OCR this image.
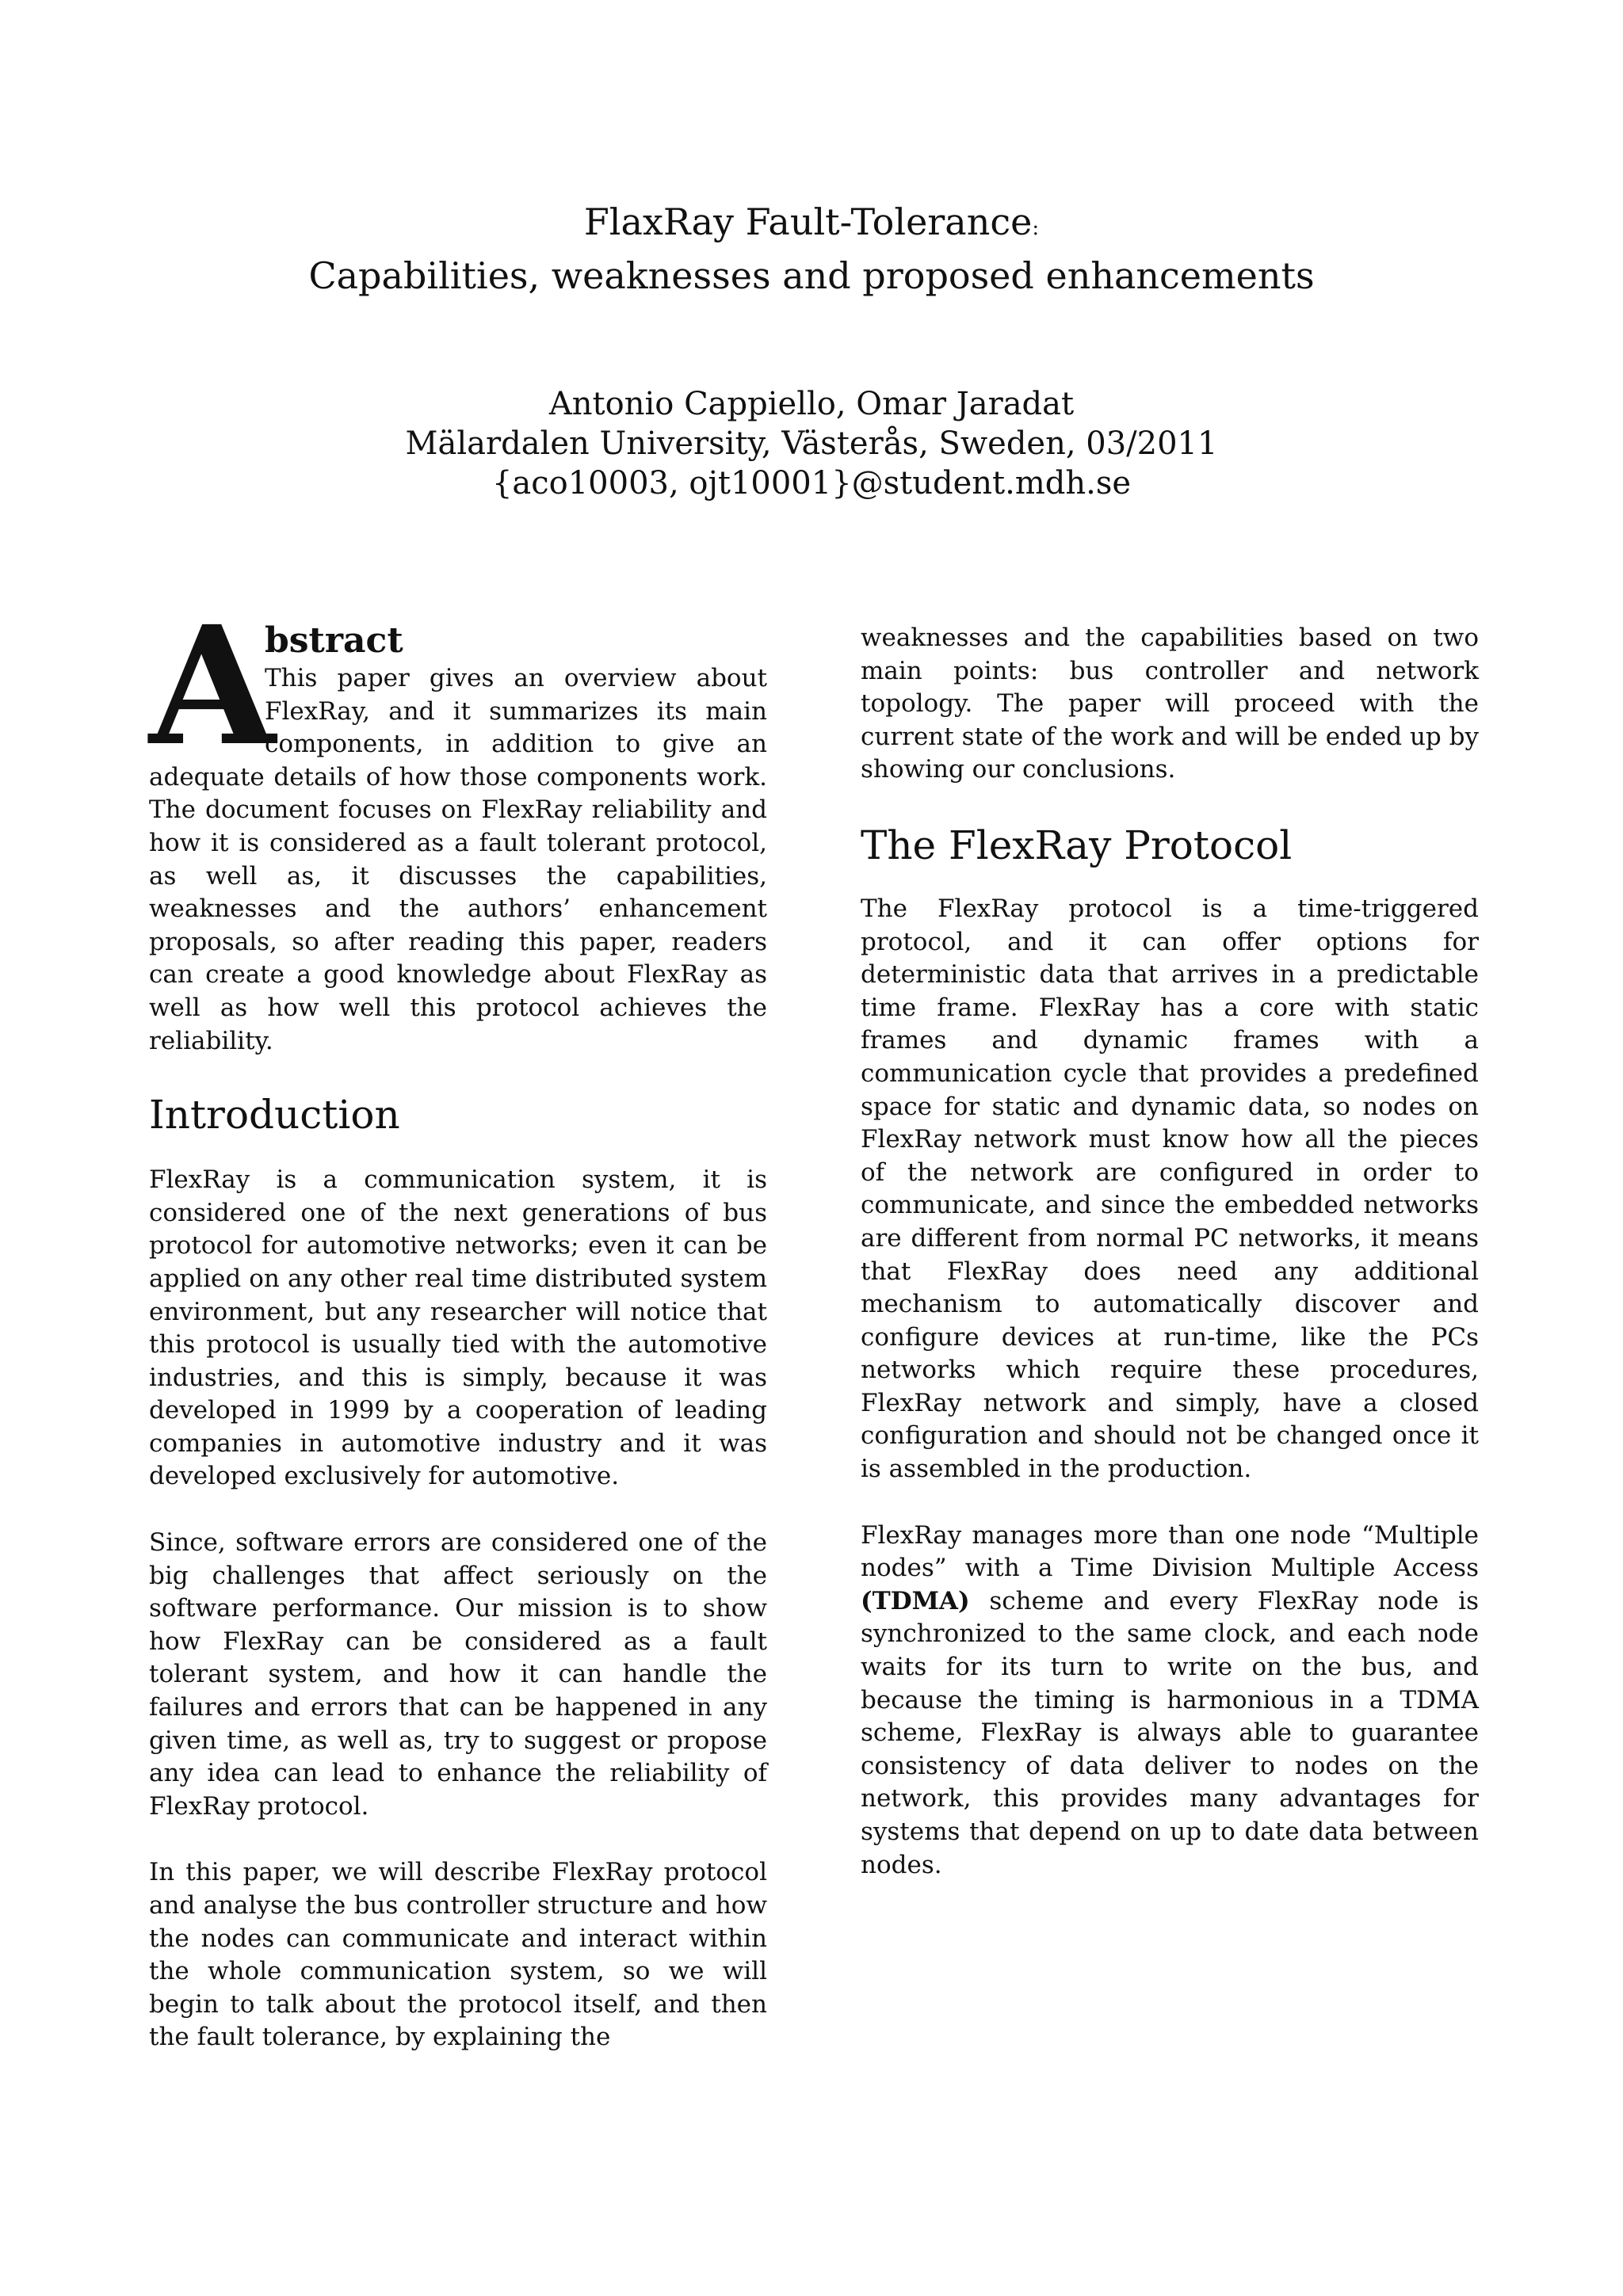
FlaxRay Fault-Tolerance:
Capabilities, weaknesses and proposed enhancements
Antonio Cappiello, Omar Jaradat
Mälardalen University, Västerås, Sweden, 03/2011
{aco10003, ojt10001}@student.mdh.se
A
bstract

This paper gives an overview about FlexRay, and it summarizes its main components, in addition to give an adequate details of how those components work. The document focuses on FlexRay reliability and how it is considered as a fault tolerant protocol, as well as, it discusses the capabilities, weaknesses and the authors’ enhancement proposals, so after reading this paper, readers can create a good knowledge about FlexRay as well as how well this protocol achieves the reliability.

Introduction

FlexRay is a communication system, it is considered one of the next generations of bus protocol for automotive networks; even it can be applied on any other real time distributed system environment, but any researcher will notice that this protocol is usually tied with the automotive industries, and this is simply, because it was developed in 1999 by a cooperation of leading companies in automotive industry and it was developed exclusively for automotive.

Since, software errors are considered one of the big challenges that affect seriously on the software performance. Our mission is to show how FlexRay can be considered as a fault tolerant system, and how it can handle the failures and errors that can be happened in any given time, as well as, try to suggest or propose any idea can lead to enhance the reliability of FlexRay protocol.

In this paper, we will describe FlexRay protocol and analyse the bus controller structure and how the nodes can communicate and interact within the whole communication system, so we will begin to talk about the protocol itself, and then the fault tolerance, by explaining the

weaknesses and the capabilities based on two main points: bus controller and network topology. The paper will proceed with the current state of the work and will be ended up by showing our conclusions.

The FlexRay Protocol

The FlexRay protocol is a time-triggered protocol, and it can offer options for deterministic data that arrives in a predictable time frame. FlexRay has a core with static frames and dynamic frames with a communication cycle that provides a predefined space for static and dynamic data, so nodes on FlexRay network must know how all the pieces of the network are configured in order to communicate, and since the embedded networks are different from normal PC networks, it means that FlexRay does need any additional mechanism to automatically discover and configure devices at run-time, like the PCs networks which require these procedures, FlexRay network and simply, have a closed configuration and should not be changed once it is assembled in the production.

FlexRay manages more than one node “Multiple nodes” with a Time Division Multiple Access (TDMA) scheme and every FlexRay node is synchronized to the same clock, and each node waits for its turn to write on the bus, and because the timing is harmonious in a TDMA scheme, FlexRay is always able to guarantee consistency of data deliver to nodes on the network, this provides many advantages for systems that depend on up to date data between nodes.
